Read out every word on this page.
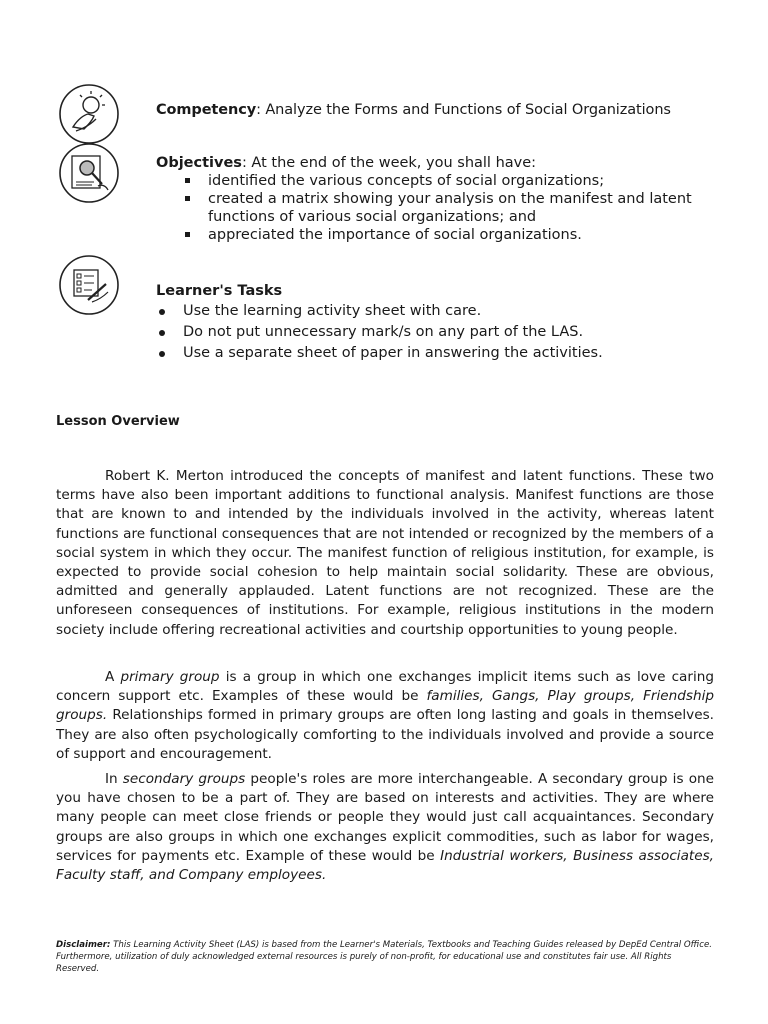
Competency: Analyze the Forms and Functions of Social Organizations
Objectives: At the end of the week, you shall have:
identified the various concepts of social organizations;
created a matrix showing your analysis on the manifest and latent functions of various social organizations; and
appreciated the importance of social organizations.
Learner's Tasks
Use the learning activity sheet with care.
Do not put unnecessary mark/s on any part of the LAS.
Use a separate sheet of paper in answering the activities.
Lesson Overview

Robert K. Merton introduced the concepts of manifest and latent functions. These two terms have also been important additions to functional analysis. Manifest functions are those that are known to and intended by the individuals involved in the activity, whereas latent functions are functional consequences that are not intended or recognized by the members of a social system in which they occur. The manifest function of religious institution, for example, is expected to provide social cohesion to help maintain social solidarity. These are obvious, admitted and generally applauded. Latent functions are not recognized. These are the unforeseen consequences of institutions. For example, religious institutions in the modern society include offering recreational activities and courtship opportunities to young people.

A primary group is a group in which one exchanges implicit items such as love caring concern support etc. Examples of these would be families, Gangs, Play groups, Friendship groups. Relationships formed in primary groups are often long lasting and goals in themselves. They are also often psychologically comforting to the individuals involved and provide a source of support and encouragement.

In secondary groups people's roles are more interchangeable. A secondary group is one you have chosen to be a part of. They are based on interests and activities. They are where many people can meet close friends or people they would just call acquaintances. Secondary groups are also groups in which one exchanges explicit commodities, such as labor for wages, services for payments etc. Example of these would be Industrial workers, Business associates, Faculty staff, and Company employees.

Disclaimer: This Learning Activity Sheet (LAS) is based from the Learner's Materials, Textbooks and Teaching Guides released by DepEd Central Office. Furthermore, utilization of duly acknowledged external resources is purely of non-profit, for educational use and constitutes fair use. All Rights Reserved.
